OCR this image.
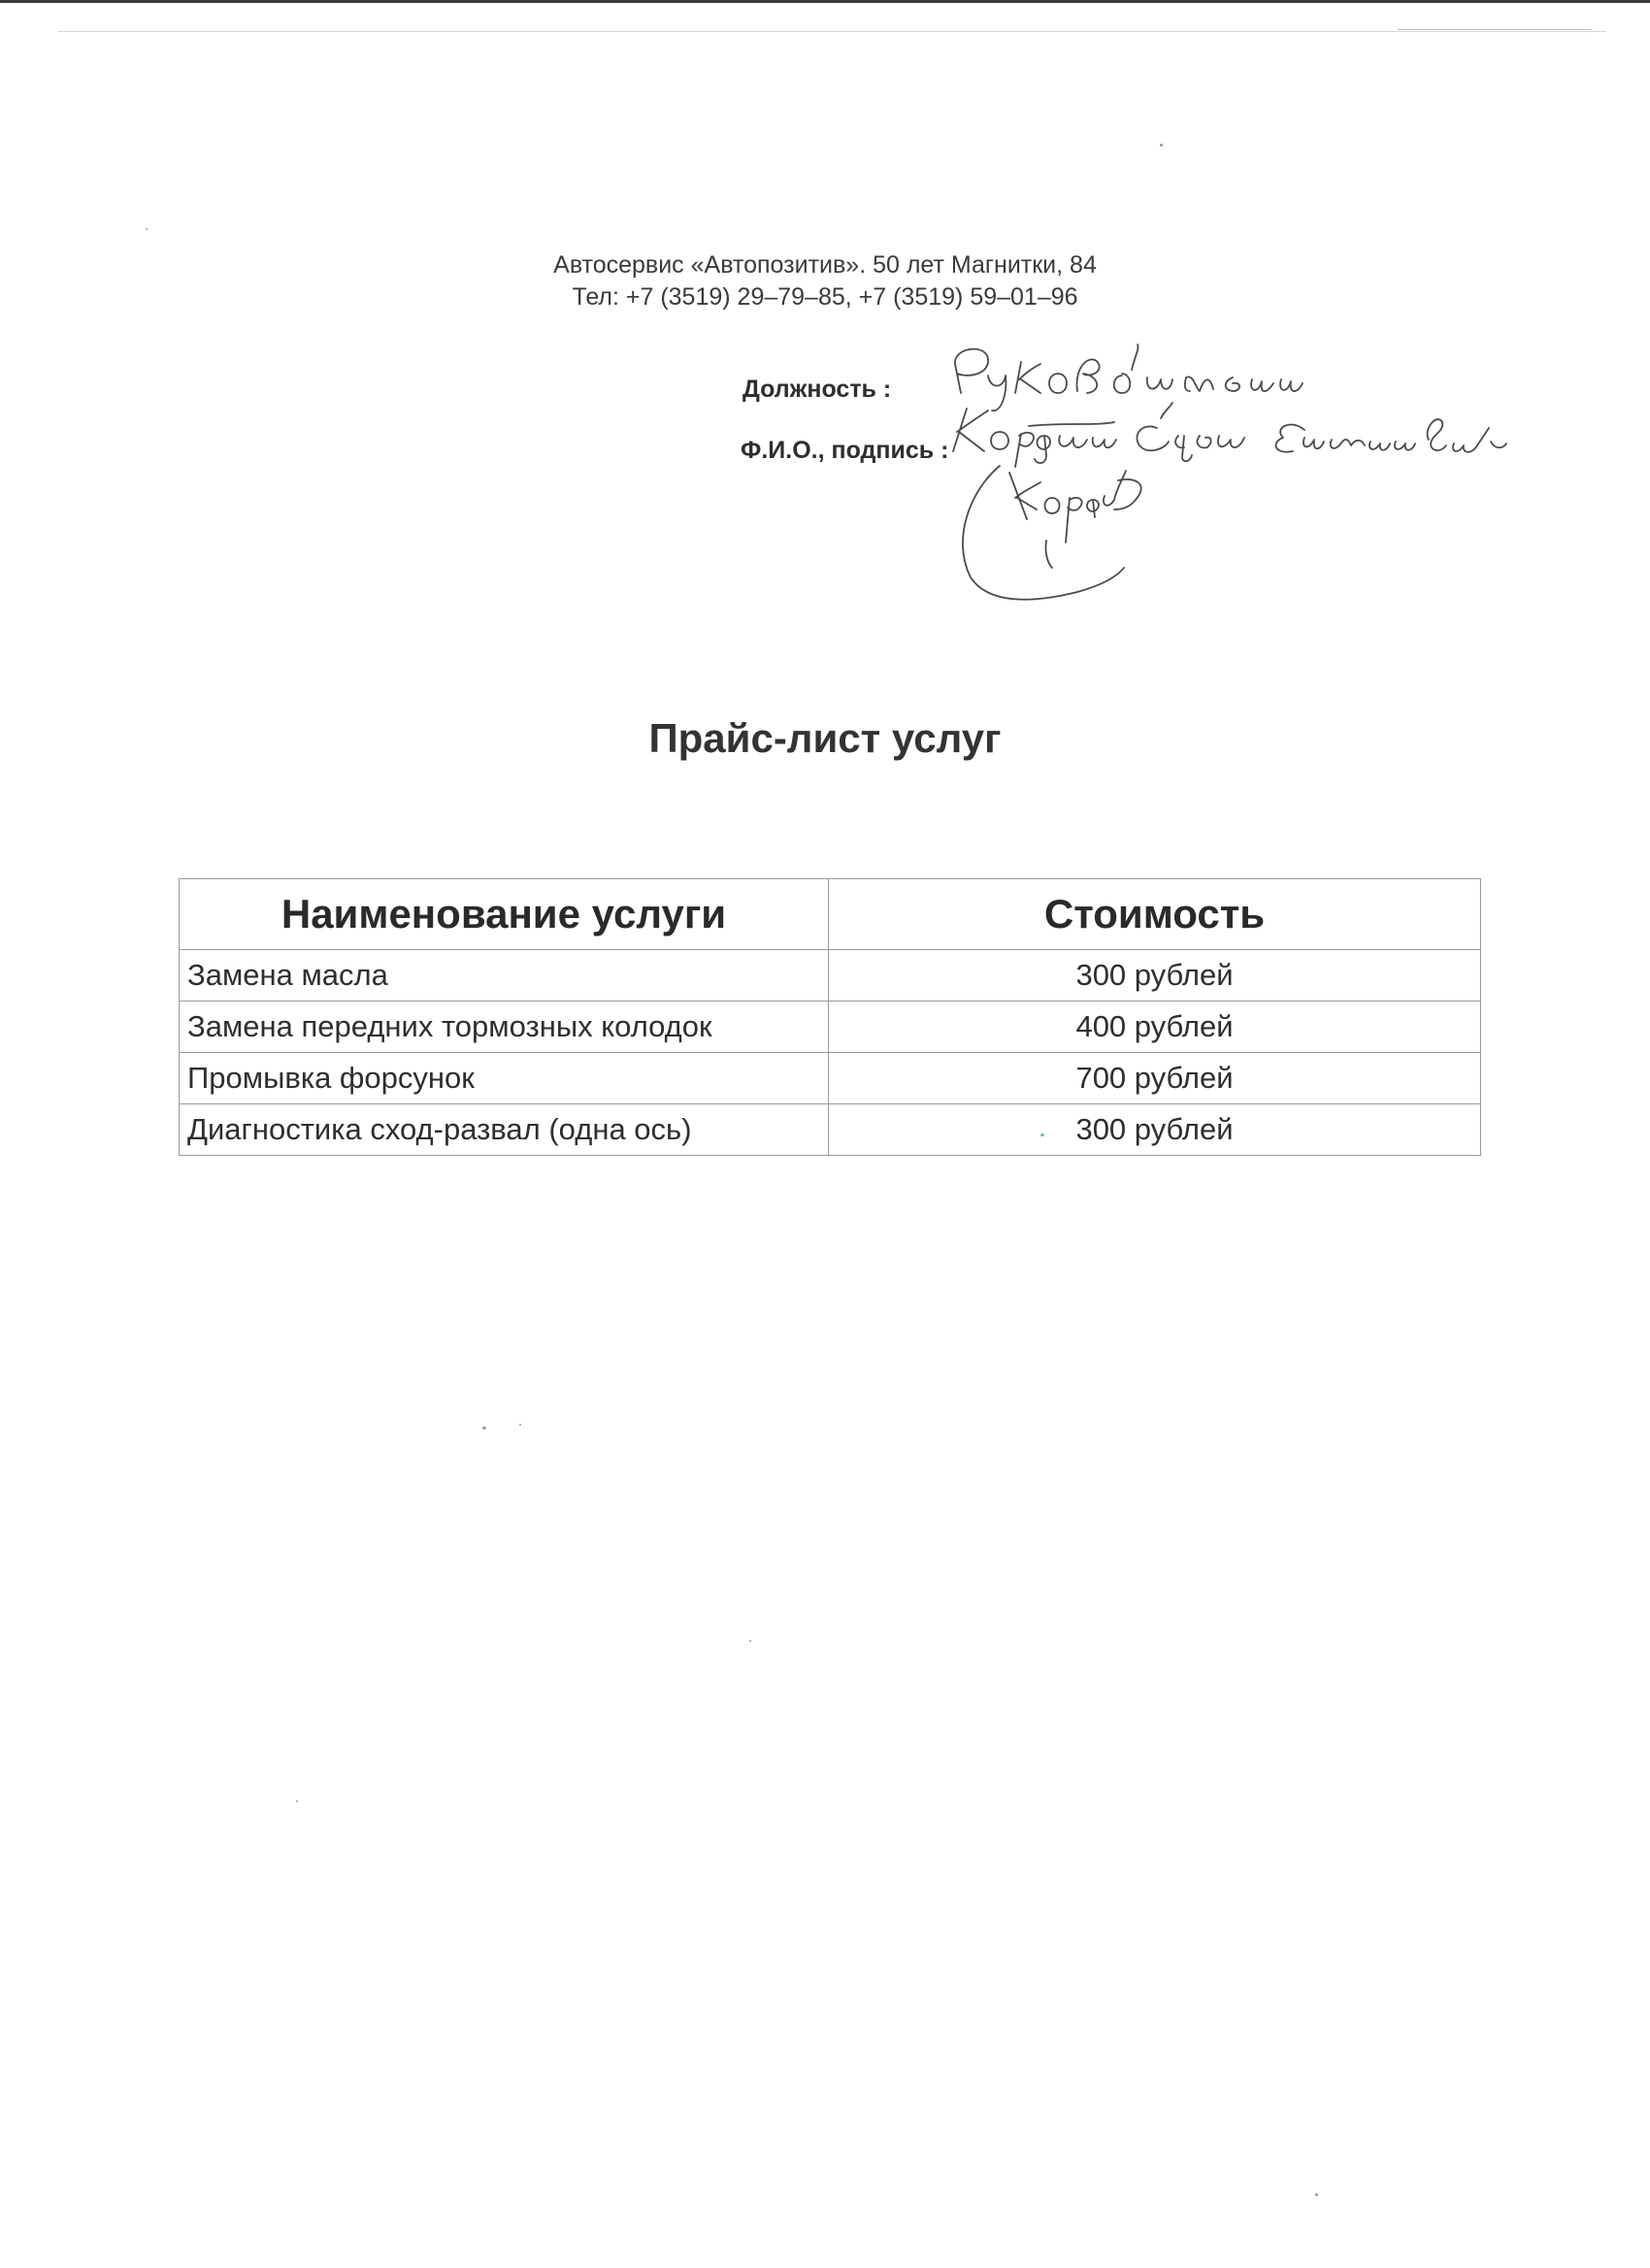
Автосервис «Автопозитив». 50 лет Магнитки, 84
Тел: +7 (3519) 29–79–85, +7 (3519) 59–01–96
Должность :
Ф.И.О., подпись :
Прайс-лист услуг
Наименование услуги	Стоимость
Замена масла	300 рублей
Замена передних тормозных колодок	400 рублей
Промывка форсунок	700 рублей
Диагностика сход-развал (одна ось)	300 рублей
